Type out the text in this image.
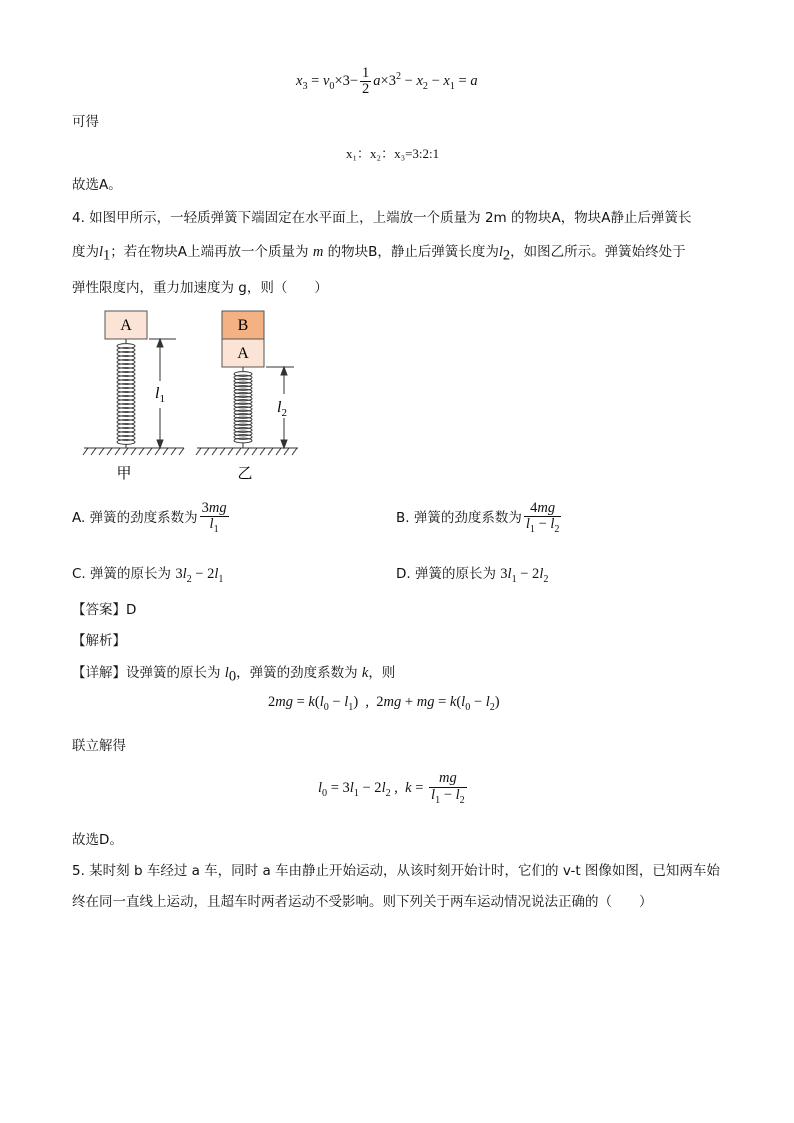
$x_3 = v_0\times 3- \frac{1}{2} a\times 3^2 - x_2 - x_1 = a$
可得
x₁：x₂：x₃=3:2:1
故选A。
4. 如图甲所示，一轻质弹簧下端固定在水平面上，上端放一个质量为 2m 的物块A，物块A静止后弹簧长
度为$l_1$；若在物块A上端再放一个质量为 m 的物块B，静止后弹簧长度为$l_2$，如图乙所示。弹簧始终处于
弹性限度内，重力加速度为 g，则（　　）
A
$l_1$
甲
B
A
$l_2$
乙
A. 弹簧的劲度系数为 $\frac{3mg}{l_1}$	B. 弹簧的劲度系数为 $\frac{4mg}{l_1 - l_2}$
C. 弹簧的原长为 $3l_2 - 2l_1$	D. 弹簧的原长为 $3l_1 - 2l_2$
【答案】D
【解析】
【详解】设弹簧的原长为 $l_0$，弹簧的劲度系数为 k，则
$2mg = k(l_0 - l_1)$  ,  2mg + mg = $k(l_0 - l_2)$
联立解得
$l_0 = 3l_1 - 2l_2$ ,  $k = \frac{mg}{l_1 - l_2}$
故选D。
5. 某时刻 b 车经过 a 车，同时 a 车由静止开始运动，从该时刻开始计时，它们的 v-t 图像如图，已知两车始
终在同一直线上运动，且超车时两者运动不受影响。则下列关于两车运动情况说法正确的（　　）
